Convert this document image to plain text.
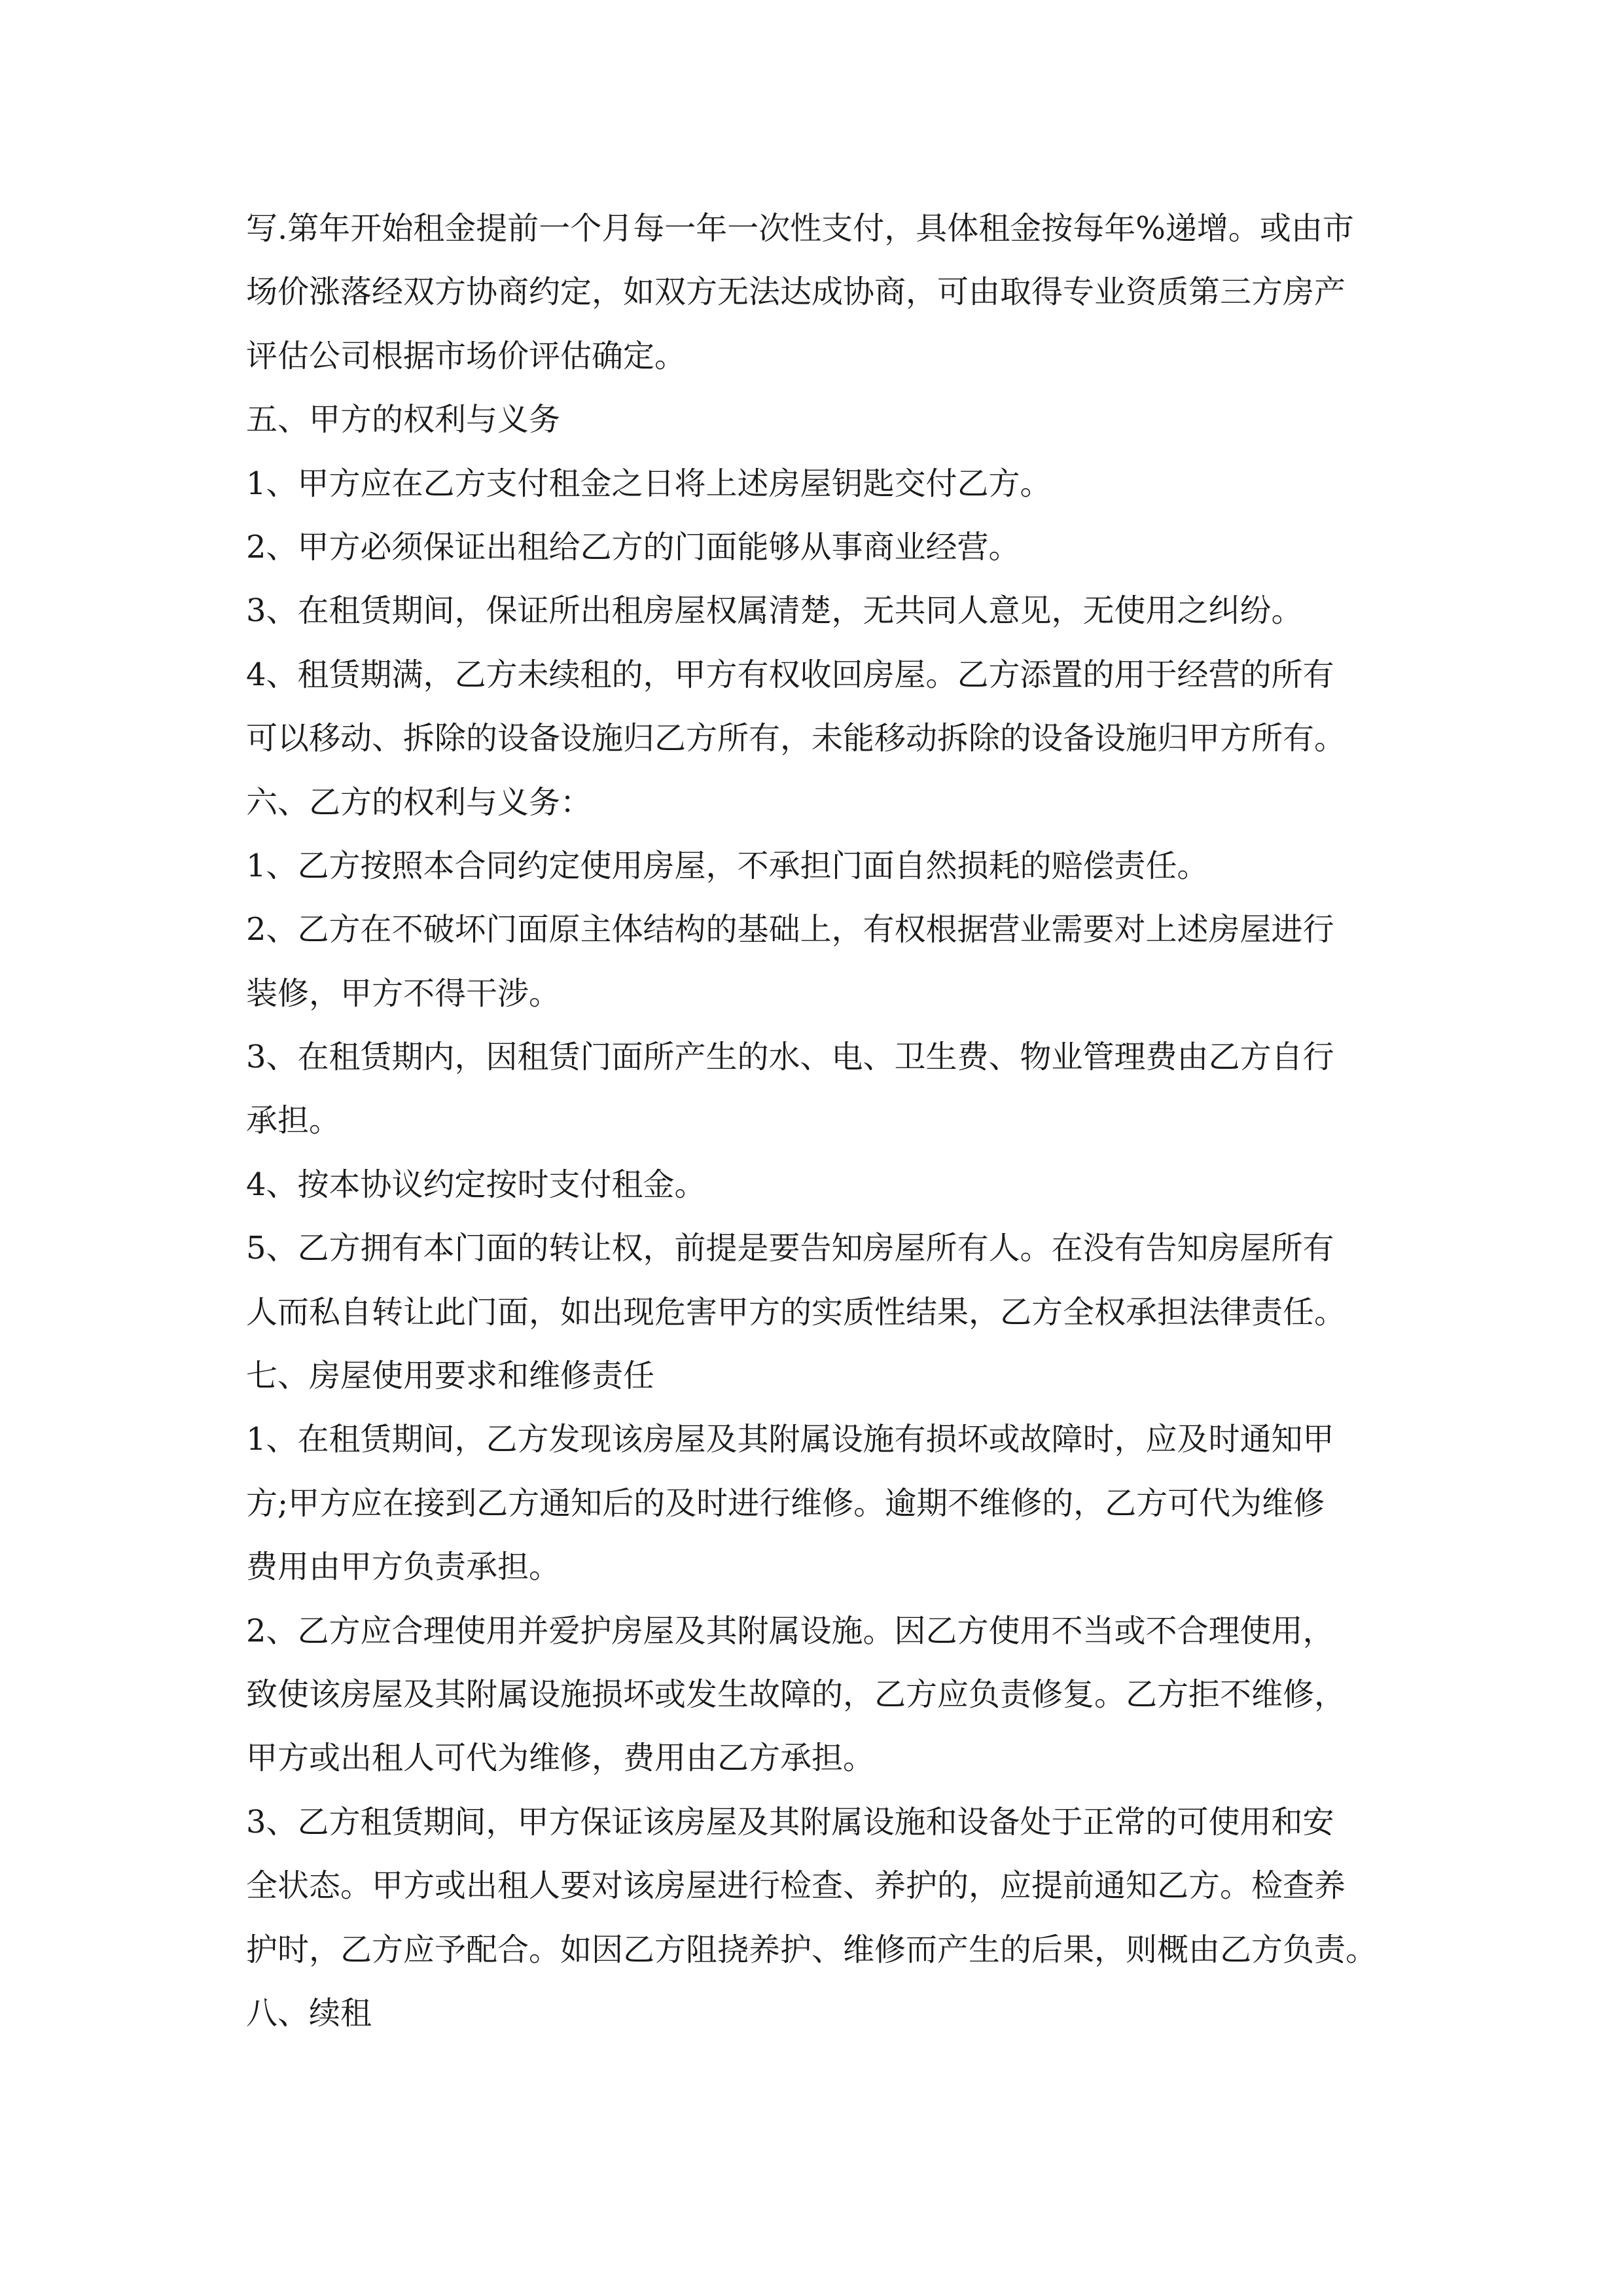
写.第年开始租金提前一个月每一年一次性支付，具体租金按每年%递增。或由市
场价涨落经双方协商约定，如双方无法达成协商，可由取得专业资质第三方房产
评估公司根据市场价评估确定。
五、甲方的权利与义务
1、甲方应在乙方支付租金之日将上述房屋钥匙交付乙方。
2、甲方必须保证出租给乙方的门面能够从事商业经营。
3、在租赁期间，保证所出租房屋权属清楚，无共同人意见，无使用之纠纷。
4、租赁期满，乙方未续租的，甲方有权收回房屋。乙方添置的用于经营的所有
可以移动、拆除的设备设施归乙方所有，未能移动拆除的设备设施归甲方所有。
六、乙方的权利与义务：
1、乙方按照本合同约定使用房屋，不承担门面自然损耗的赔偿责任。
2、乙方在不破坏门面原主体结构的基础上，有权根据营业需要对上述房屋进行
装修，甲方不得干涉。
3、在租赁期内，因租赁门面所产生的水、电、卫生费、物业管理费由乙方自行
承担。
4、按本协议约定按时支付租金。
5、乙方拥有本门面的转让权，前提是要告知房屋所有人。在没有告知房屋所有
人而私自转让此门面，如出现危害甲方的实质性结果，乙方全权承担法律责任。
七、房屋使用要求和维修责任
1、在租赁期间，乙方发现该房屋及其附属设施有损坏或故障时，应及时通知甲
方;甲方应在接到乙方通知后的及时进行维修。逾期不维修的，乙方可代为维修
费用由甲方负责承担。
2、乙方应合理使用并爱护房屋及其附属设施。因乙方使用不当或不合理使用，
致使该房屋及其附属设施损坏或发生故障的，乙方应负责修复。乙方拒不维修，
甲方或出租人可代为维修，费用由乙方承担。
3、乙方租赁期间，甲方保证该房屋及其附属设施和设备处于正常的可使用和安
全状态。甲方或出租人要对该房屋进行检查、养护的，应提前通知乙方。检查养
护时，乙方应予配合。如因乙方阻挠养护、维修而产生的后果，则概由乙方负责。
八、续租
